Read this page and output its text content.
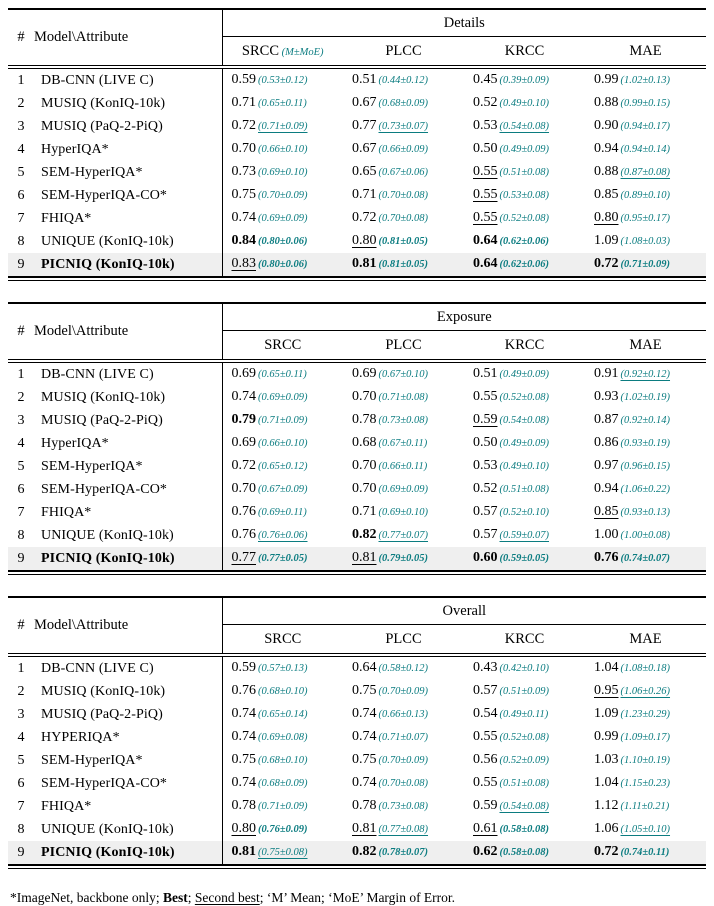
#	Model\Attribute	Details			
		SRCC (M±MoE)	PLCC	KRCC	MAE
1	DB-CNN (LIVE C)	0.59 (0.53±0.12)	0.51 (0.44±0.12)	0.45 (0.39±0.09)	0.99 (1.02±0.13)
2	MUSIQ (KonIQ-10k)	0.71 (0.65±0.11)	0.67 (0.68±0.09)	0.52 (0.49±0.10)	0.88 (0.99±0.15)
3	MUSIQ (PaQ-2-PiQ)	0.72 (0.71±0.09)	0.77 (0.73±0.07)	0.53 (0.54±0.08)	0.90 (0.94±0.17)
4	HyperIQA*	0.70 (0.66±0.10)	0.67 (0.66±0.09)	0.50 (0.49±0.09)	0.94 (0.94±0.14)
5	SEM-HyperIQA*	0.73 (0.69±0.10)	0.65 (0.67±0.06)	0.55 (0.51±0.08)	0.88 (0.87±0.08)
6	SEM-HyperIQA-CO*	0.75 (0.70±0.09)	0.71 (0.70±0.08)	0.55 (0.53±0.08)	0.85 (0.89±0.10)
7	FHIQA*	0.74 (0.69±0.09)	0.72 (0.70±0.08)	0.55 (0.52±0.08)	0.80 (0.95±0.17)
8	UNIQUE (KonIQ-10k)	0.84 (0.80±0.06)	0.80 (0.81±0.05)	0.64 (0.62±0.06)	1.09 (1.08±0.03)
9	PICNIQ (KonIQ-10k)	0.83 (0.80±0.06)	0.81 (0.81±0.05)	0.64 (0.62±0.06)	0.72 (0.71±0.09)
#	Model\Attribute	Exposure			
		SRCC	PLCC	KRCC	MAE
1	DB-CNN (LIVE C)	0.69 (0.65±0.11)	0.69 (0.67±0.10)	0.51 (0.49±0.09)	0.91 (0.92±0.12)
2	MUSIQ (KonIQ-10k)	0.74 (0.69±0.09)	0.70 (0.71±0.08)	0.55 (0.52±0.08)	0.93 (1.02±0.19)
3	MUSIQ (PaQ-2-PiQ)	0.79 (0.71±0.09)	0.78 (0.73±0.08)	0.59 (0.54±0.08)	0.87 (0.92±0.14)
4	HyperIQA*	0.69 (0.66±0.10)	0.68 (0.67±0.11)	0.50 (0.49±0.09)	0.86 (0.93±0.19)
5	SEM-HyperIQA*	0.72 (0.65±0.12)	0.70 (0.66±0.11)	0.53 (0.49±0.10)	0.97 (0.96±0.15)
6	SEM-HyperIQA-CO*	0.70 (0.67±0.09)	0.70 (0.69±0.09)	0.52 (0.51±0.08)	0.94 (1.06±0.22)
7	FHIQA*	0.76 (0.69±0.11)	0.71 (0.69±0.10)	0.57 (0.52±0.10)	0.85 (0.93±0.13)
8	UNIQUE (KonIQ-10k)	0.76 (0.76±0.06)	0.82 (0.77±0.07)	0.57 (0.59±0.07)	1.00 (1.00±0.08)
9	PICNIQ (KonIQ-10k)	0.77 (0.77±0.05)	0.81 (0.79±0.05)	0.60 (0.59±0.05)	0.76 (0.74±0.07)
#	Model\Attribute	Overall			
		SRCC	PLCC	KRCC	MAE
1	DB-CNN (LIVE C)	0.59 (0.57±0.13)	0.64 (0.58±0.12)	0.43 (0.42±0.10)	1.04 (1.08±0.18)
2	MUSIQ (KonIQ-10k)	0.76 (0.68±0.10)	0.75 (0.70±0.09)	0.57 (0.51±0.09)	0.95 (1.06±0.26)
3	MUSIQ (PaQ-2-PiQ)	0.74 (0.65±0.14)	0.74 (0.66±0.13)	0.54 (0.49±0.11)	1.09 (1.23±0.29)
4	HYPERIQA*	0.74 (0.69±0.08)	0.74 (0.71±0.07)	0.55 (0.52±0.08)	0.99 (1.09±0.17)
5	SEM-HyperIQA*	0.75 (0.68±0.10)	0.75 (0.70±0.09)	0.56 (0.52±0.09)	1.03 (1.10±0.19)
6	SEM-HyperIQA-CO*	0.74 (0.68±0.09)	0.74 (0.70±0.08)	0.55 (0.51±0.08)	1.04 (1.15±0.23)
7	FHIQA*	0.78 (0.71±0.09)	0.78 (0.73±0.08)	0.59 (0.54±0.08)	1.12 (1.11±0.21)
8	UNIQUE (KonIQ-10k)	0.80 (0.76±0.09)	0.81 (0.77±0.08)	0.61 (0.58±0.08)	1.06 (1.05±0.10)
9	PICNIQ (KonIQ-10k)	0.81 (0.75±0.08)	0.82 (0.78±0.07)	0.62 (0.58±0.08)	0.72 (0.74±0.11)
*ImageNet, backbone only; Best; Second best; ‘M’ Mean; ‘MoE’ Margin of Error.
